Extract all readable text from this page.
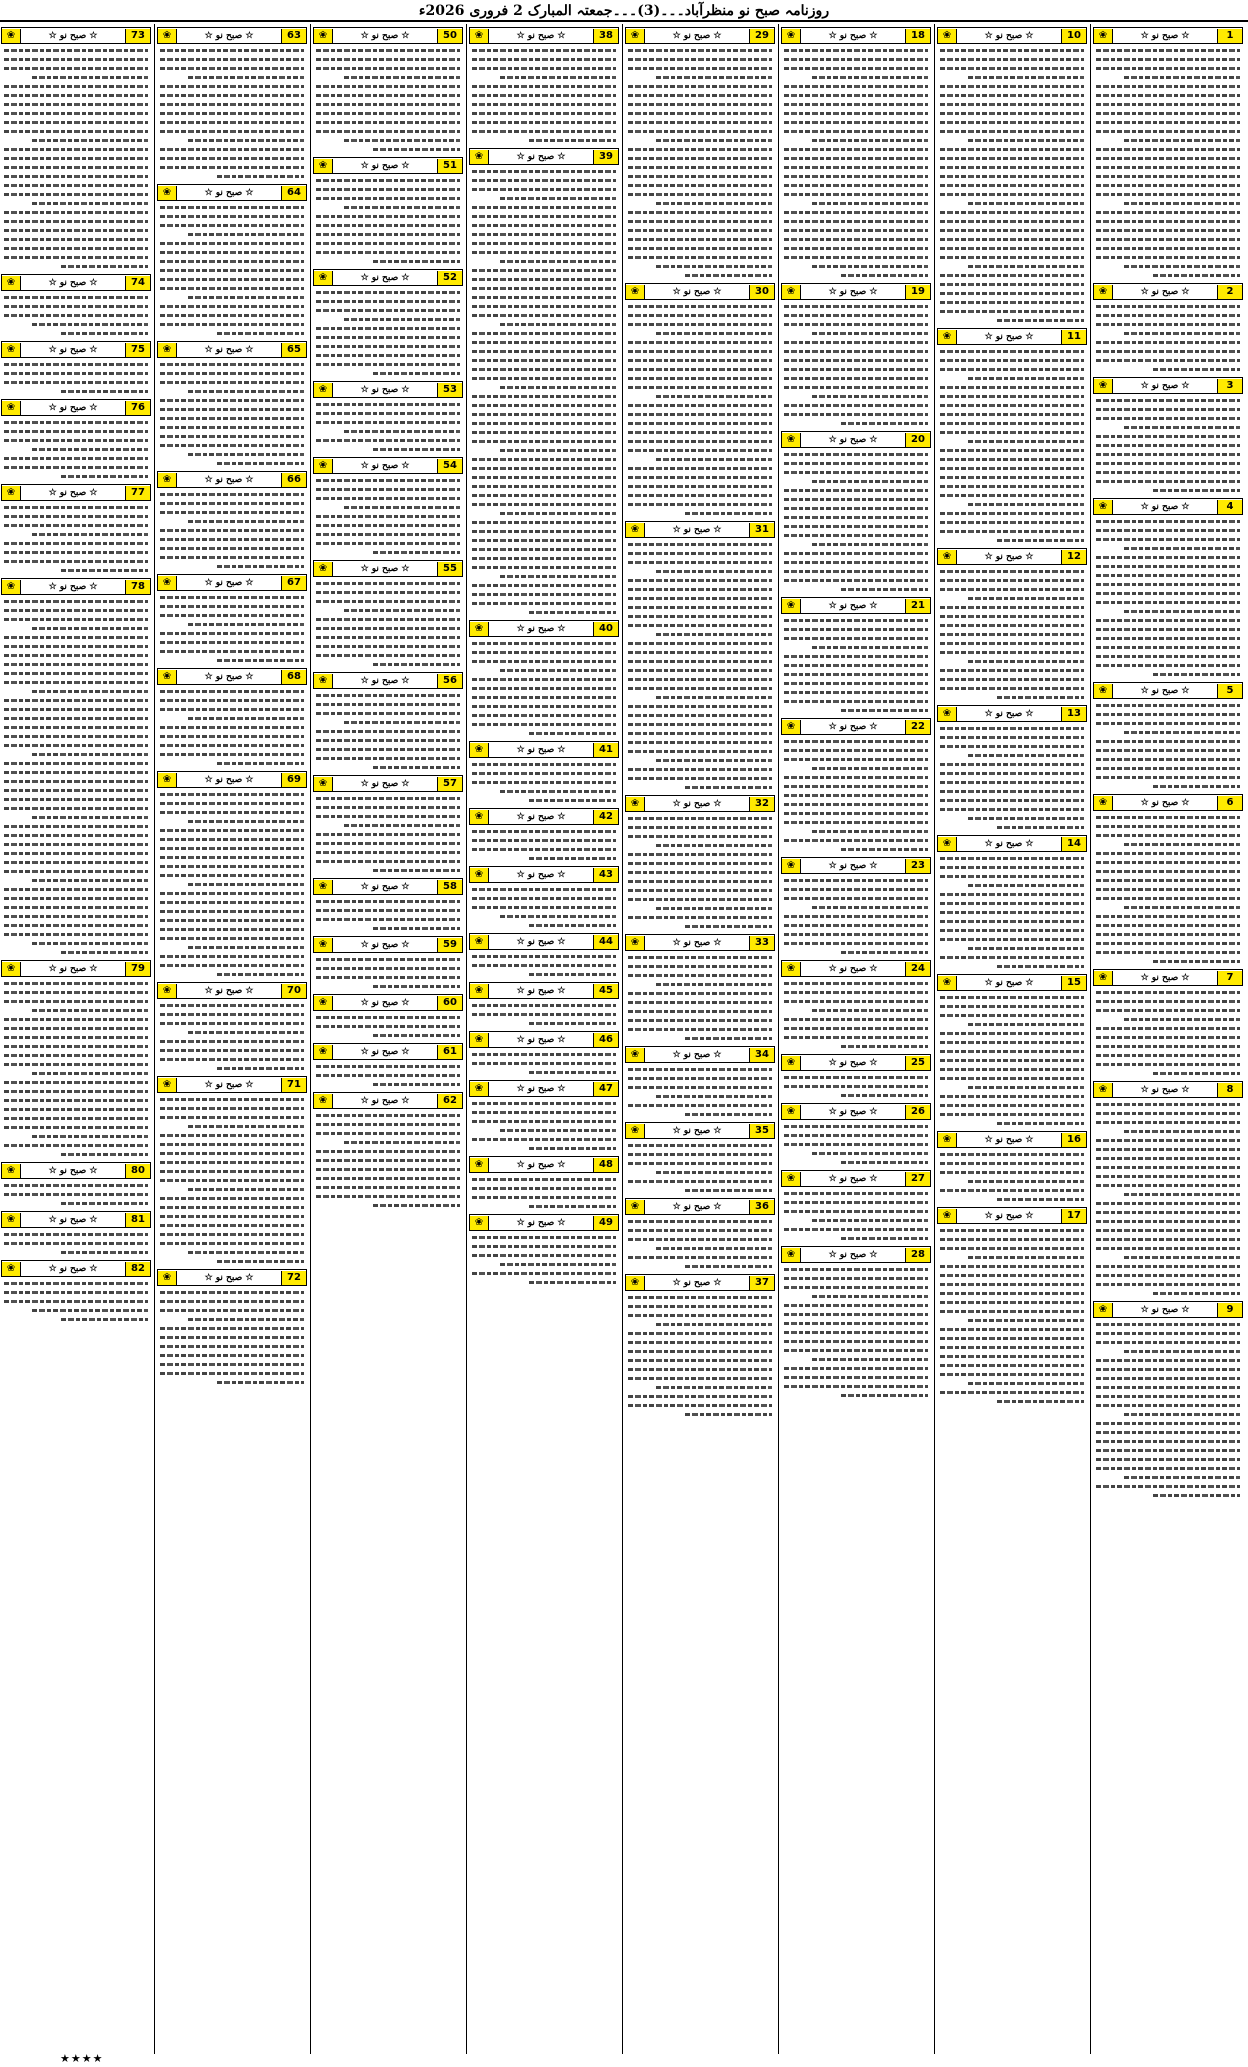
روزنامہ صبح نو منظرآباد۔۔۔(3)۔۔۔جمعتہ المبارک 2 فروری 2026ء
1
☆ صبح نو ☆
❀
2
☆ صبح نو ☆
❀
3
☆ صبح نو ☆
❀
4
☆ صبح نو ☆
❀
5
☆ صبح نو ☆
❀
6
☆ صبح نو ☆
❀
7
☆ صبح نو ☆
❀
8
☆ صبح نو ☆
❀
9
☆ صبح نو ☆
❀
10
☆ صبح نو ☆
❀
11
☆ صبح نو ☆
❀
12
☆ صبح نو ☆
❀
13
☆ صبح نو ☆
❀
14
☆ صبح نو ☆
❀
15
☆ صبح نو ☆
❀
16
☆ صبح نو ☆
❀
17
☆ صبح نو ☆
❀
18
☆ صبح نو ☆
❀
19
☆ صبح نو ☆
❀
20
☆ صبح نو ☆
❀
21
☆ صبح نو ☆
❀
22
☆ صبح نو ☆
❀
23
☆ صبح نو ☆
❀
24
☆ صبح نو ☆
❀
25
☆ صبح نو ☆
❀
26
☆ صبح نو ☆
❀
27
☆ صبح نو ☆
❀
28
☆ صبح نو ☆
❀
29
☆ صبح نو ☆
❀
30
☆ صبح نو ☆
❀
31
☆ صبح نو ☆
❀
32
☆ صبح نو ☆
❀
33
☆ صبح نو ☆
❀
34
☆ صبح نو ☆
❀
35
☆ صبح نو ☆
❀
36
☆ صبح نو ☆
❀
37
☆ صبح نو ☆
❀
38
☆ صبح نو ☆
❀
39
☆ صبح نو ☆
❀
40
☆ صبح نو ☆
❀
41
☆ صبح نو ☆
❀
42
☆ صبح نو ☆
❀
43
☆ صبح نو ☆
❀
44
☆ صبح نو ☆
❀
45
☆ صبح نو ☆
❀
46
☆ صبح نو ☆
❀
47
☆ صبح نو ☆
❀
48
☆ صبح نو ☆
❀
49
☆ صبح نو ☆
❀
50
☆ صبح نو ☆
❀
51
☆ صبح نو ☆
❀
52
☆ صبح نو ☆
❀
53
☆ صبح نو ☆
❀
54
☆ صبح نو ☆
❀
55
☆ صبح نو ☆
❀
56
☆ صبح نو ☆
❀
57
☆ صبح نو ☆
❀
58
☆ صبح نو ☆
❀
59
☆ صبح نو ☆
❀
60
☆ صبح نو ☆
❀
61
☆ صبح نو ☆
❀
62
☆ صبح نو ☆
❀
63
☆ صبح نو ☆
❀
64
☆ صبح نو ☆
❀
65
☆ صبح نو ☆
❀
66
☆ صبح نو ☆
❀
67
☆ صبح نو ☆
❀
68
☆ صبح نو ☆
❀
69
☆ صبح نو ☆
❀
70
☆ صبح نو ☆
❀
71
☆ صبح نو ☆
❀
72
☆ صبح نو ☆
❀
73
☆ صبح نو ☆
❀
74
☆ صبح نو ☆
❀
75
☆ صبح نو ☆
❀
76
☆ صبح نو ☆
❀
77
☆ صبح نو ☆
❀
78
☆ صبح نو ☆
❀
79
☆ صبح نو ☆
❀
80
☆ صبح نو ☆
❀
81
☆ صبح نو ☆
❀
82
☆ صبح نو ☆
❀
★★★★
